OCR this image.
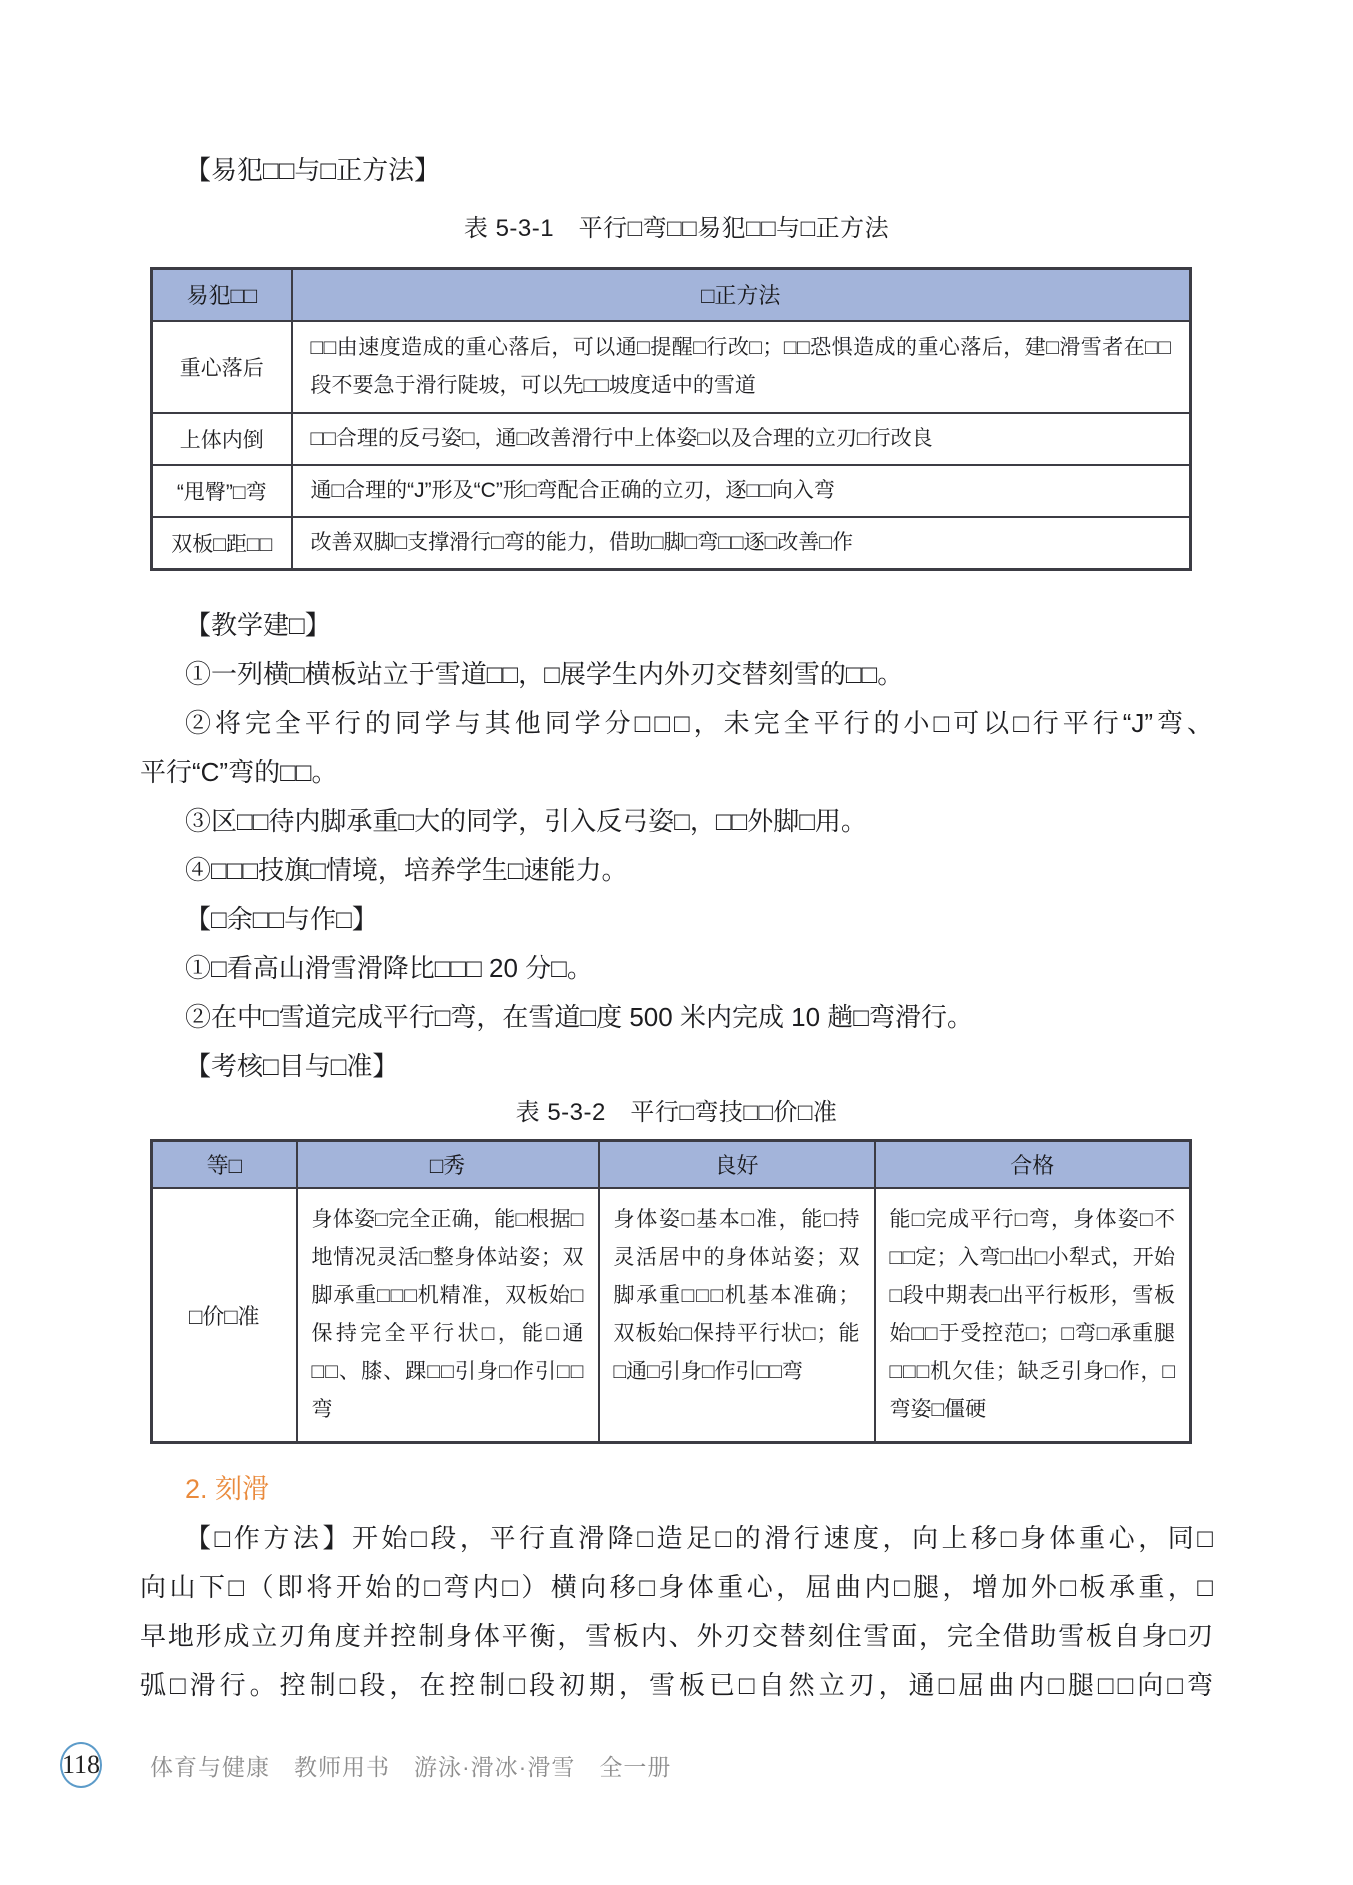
【易犯□□与□正方法】
表 5-3-1　平行□弯□□易犯□□与□正方法
易犯□□	□正方法
重心落后	□□由速度造成的重心落后，可以通□提醒□行改□；□□恐惧造成的重心落后，建□滑雪者在□□段不要急于滑行陡坡，可以先□□坡度适中的雪道
上体内倒	□□合理的反弓姿□，通□改善滑行中上体姿□以及合理的立刃□行改良
“甩臀”□弯	通□合理的“J”形及“C”形□弯配合正确的立刃，逐□□向入弯
双板□距□□	改善双脚□支撑滑行□弯的能力，借助□脚□弯□□逐□改善□作
【教学建□】
①一列横□横板站立于雪道□□，□展学生内外刃交替刻雪的□□。
②将完全平行的同学与其他同学分□□□，未完全平行的小□可以□行平行“J”弯、
平行“C”弯的□□。
③区□□待内脚承重□大的同学，引入反弓姿□，□□外脚□用。
④□□□技旗□情境，培养学生□速能力。
【□余□□与作□】
①□看高山滑雪滑降比□□□ 20 分□。
②在中□雪道完成平行□弯，在雪道□度 500 米内完成 10 趟□弯滑行。
【考核□目与□准】
表 5-3-2　平行□弯技□□价□准
等□	□秀	良好	合格
□价□准	身体姿□完全正确，能□根据□地情况灵活□整身体站姿；双脚承重□□□机精准，双板始□保持完全平行状□，能□通□□、膝、踝□□引身□作引□□弯	身体姿□基本□准，能□持灵活居中的身体站姿；双脚承重□□□机基本准确；双板始□保持平行状□；能□通□引身□作引□□弯	能□完成平行□弯，身体姿□不□□定；入弯□出□小犁式，开始□段中期表□出平行板形，雪板始□□于受控范□；□弯□承重腿□□□机欠佳；缺乏引身□作，□弯姿□僵硬
2. 刻滑
【□作方法】开始□段，平行直滑降□造足□的滑行速度，向上移□身体重心，同□
向山下□（即将开始的□弯内□）横向移□身体重心，屈曲内□腿，增加外□板承重，□
早地形成立刃角度并控制身体平衡，雪板内、外刃交替刻住雪面，完全借助雪板自身□刃
弧□滑行。控制□段，在控制□段初期，雪板已□自然立刃，通□屈曲内□腿□□向□弯
118 体育与健康　教师用书　游泳·滑冰·滑雪　全一册
